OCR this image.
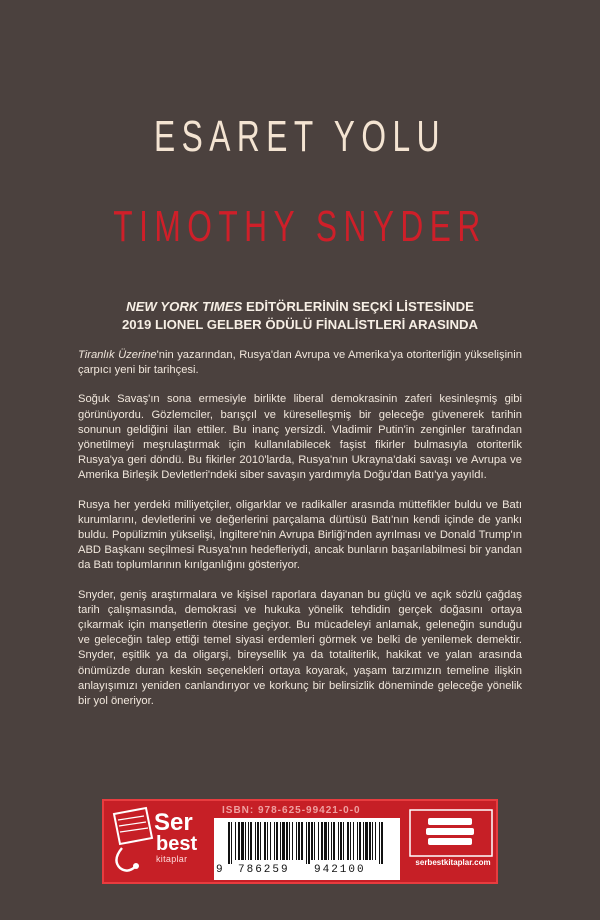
ESARET YOLU
TIMOTHY SNYDER
NEW YORK TIMES EDİTÖRLERİNİN SEÇKİ LİSTESİNDE
2019 LIONEL GELBER ÖDÜLÜ FİNALİSTLERİ ARASINDA

Tiranlık Üzerine'nin yazarından, Rusya'dan Avrupa ve Amerika'ya otoriterliğin yükselişinin çarpıcı yeni bir tarihçesi.

Soğuk Savaş'ın sona ermesiyle birlikte liberal demokrasinin zaferi kesinleşmiş gibi görünüyordu. Gözlemciler, barışçıl ve küreselleşmiş bir geleceğe güvenerek tarihin sonunun geldiğini ilan ettiler. Bu inanç yersizdi. Vladimir Putin'in zenginler tarafından yönetilmeyi meşrulaştırmak için kullanılabilecek faşist fikirler bulmasıyla otoriterlik Rusya'ya geri döndü. Bu fikirler 2010'larda, Rusya'nın Ukrayna'daki savaşı ve Avrupa ve Amerika Birleşik Devletleri'ndeki siber savaşın yardımıyla Doğu'dan Batı'ya yayıldı.

Rusya her yerdeki milliyetçiler, oligarklar ve radikaller arasında müttefikler buldu ve Batı kurumlarını, devletlerini ve değerlerini parçalama dürtüsü Batı'nın kendi içinde de yankı buldu. Popülizmin yükselişi, İngiltere'nin Avrupa Birliği'nden ayrılması ve Donald Trump'ın ABD Başkanı seçilmesi Rusya'nın hedefleriydi, ancak bunların başarılabilmesi bir yandan da Batı toplumlarının kırılganlığını gösteriyor.

Snyder, geniş araştırmalara ve kişisel raporlara dayanan bu güçlü ve açık sözlü çağdaş tarih çalışmasında, demokrasi ve hukuka yönelik tehdidin gerçek doğasını ortaya çıkarmak için manşetlerin ötesine geçiyor. Bu mücadeleyi anlamak, geleneğin sunduğu ve geleceğin talep ettiği temel siyasi erdemleri görmek ve belki de yenilemek demektir. Snyder, eşitlik ya da oligarşi, bireysellik ya da totaliterlik, hakikat ve yalan arasında önümüzde duran keskin seçenekleri ortaya koyarak, yaşam tarzımızın temeline ilişkin anlayışımızı yeniden canlandırıyor ve korkunç bir belirsizlik döneminde geleceğe yönelik bir yol öneriyor.

Ser
best
kitaplar
ISBN: 978-625-99421-0-0
9 786259 942100
serbestkitaplar.com
